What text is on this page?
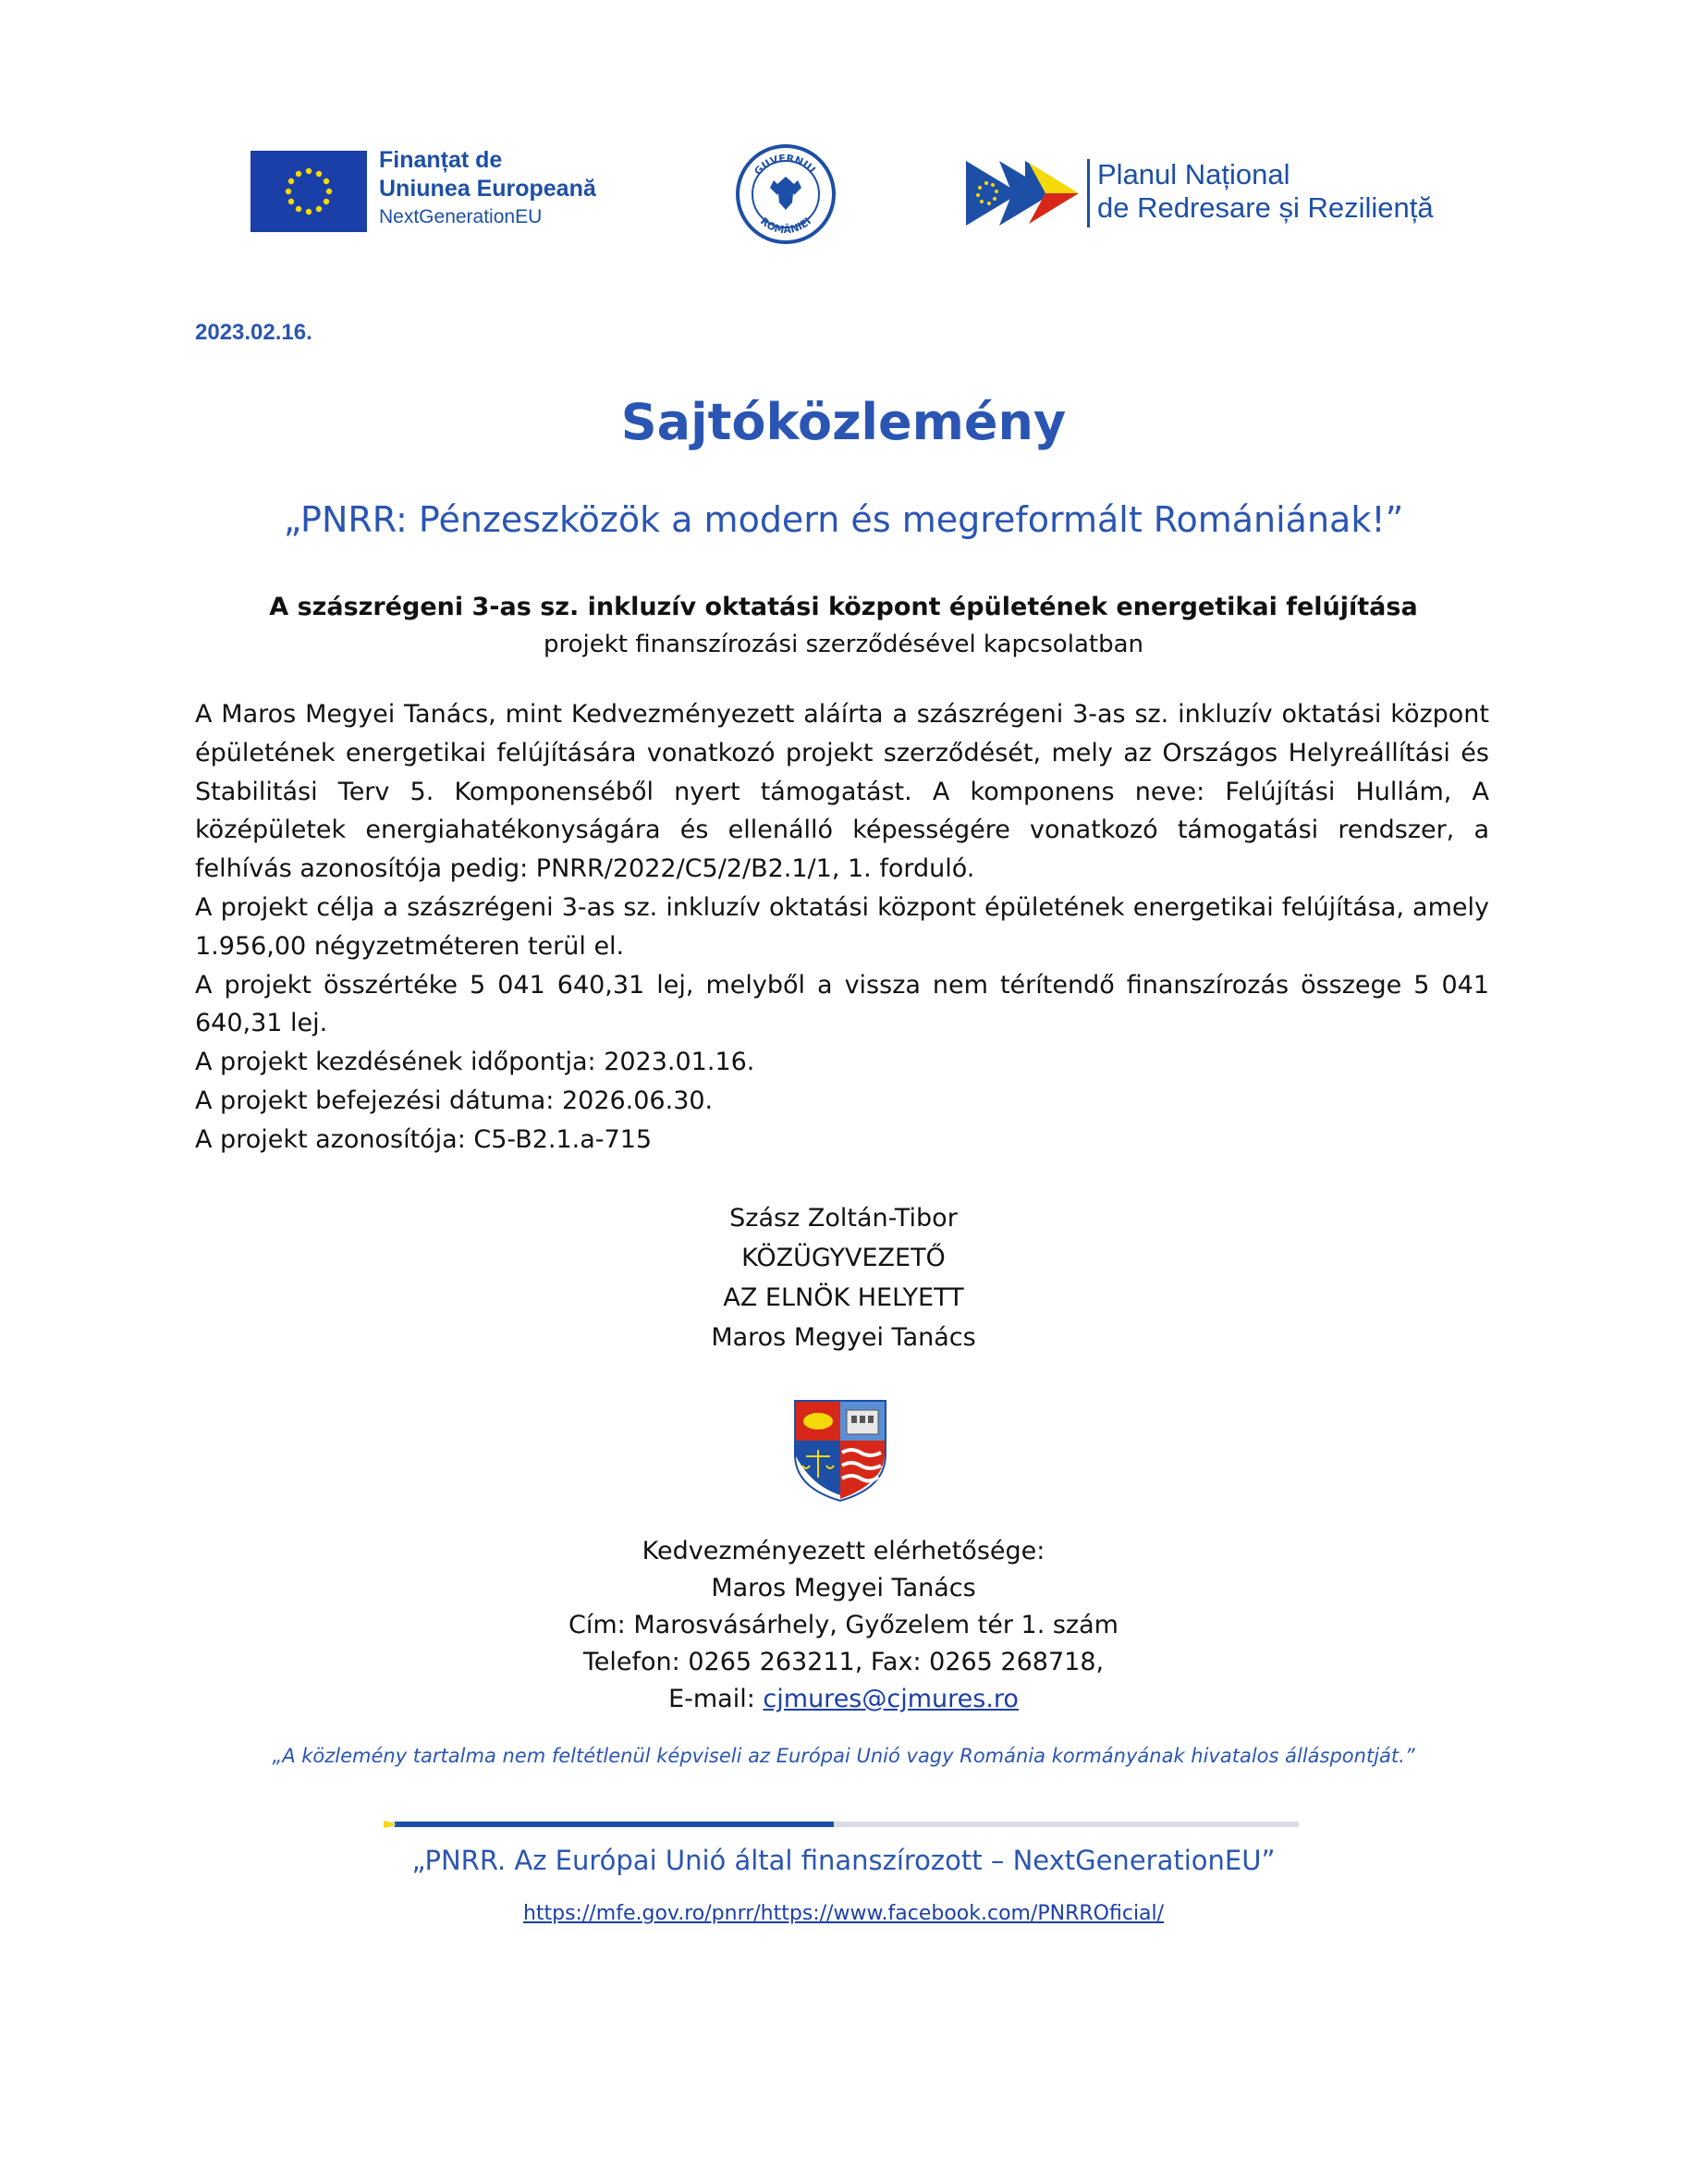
Finanțat de
Uniunea Europeană
NextGenerationEU
GUVERNUL
ROMÂNIEI
Planul Național
de Redresare și Reziliență
2023.02.16.
Sajtóközlemény
„PNRR: Pénzeszközök a modern és megreformált Romániának!”
A szászrégeni 3-as sz. inkluzív oktatási központ épületének energetikai felújítása
projekt finanszírozási szerződésével kapcsolatban

A Maros Megyei Tanács, mint Kedvezményezett aláírta a szászrégeni 3-as sz. inkluzív oktatási központ épületének energetikai felújítására vonatkozó projekt szerződését, mely az Országos Helyreállítási és Stabilitási Terv 5. Komponenséből nyert támogatást. A komponens neve: Felújítási Hullám, A középületek energiahatékonyságára és ellenálló képességére vonatkozó támogatási rendszer, a felhívás azonosítója pedig: PNRR/2022/C5/2/B2.1/1, 1. forduló.

A projekt célja a szászrégeni 3-as sz. inkluzív oktatási központ épületének energetikai felújítása, amely 1.956,00 négyzetméteren terül el.

A projekt összértéke 5 041 640,31 lej, melyből a vissza nem térítendő finanszírozás összege 5 041 640,31 lej.

A projekt kezdésének időpontja: 2023.01.16.

A projekt befejezési dátuma: 2026.06.30.

A projekt azonosítója: C5-B2.1.a-715

Szász Zoltán-Tibor
KÖZÜGYVEZETŐ
AZ ELNÖK HELYETT
Maros Megyei Tanács
Kedvezményezett elérhetősége:
Maros Megyei Tanács
Cím: Marosvásárhely, Győzelem tér 1. szám
Telefon: 0265 263211, Fax: 0265 268718,
E-mail: cjmures@cjmures.ro
„A közlemény tartalma nem feltétlenül képviseli az Európai Unió vagy Románia kormányának hivatalos álláspontját.”
„PNRR. Az Európai Unió által finanszírozott – NextGenerationEU”
https://mfe.gov.ro/pnrr/https://www.facebook.com/PNRROficial/
